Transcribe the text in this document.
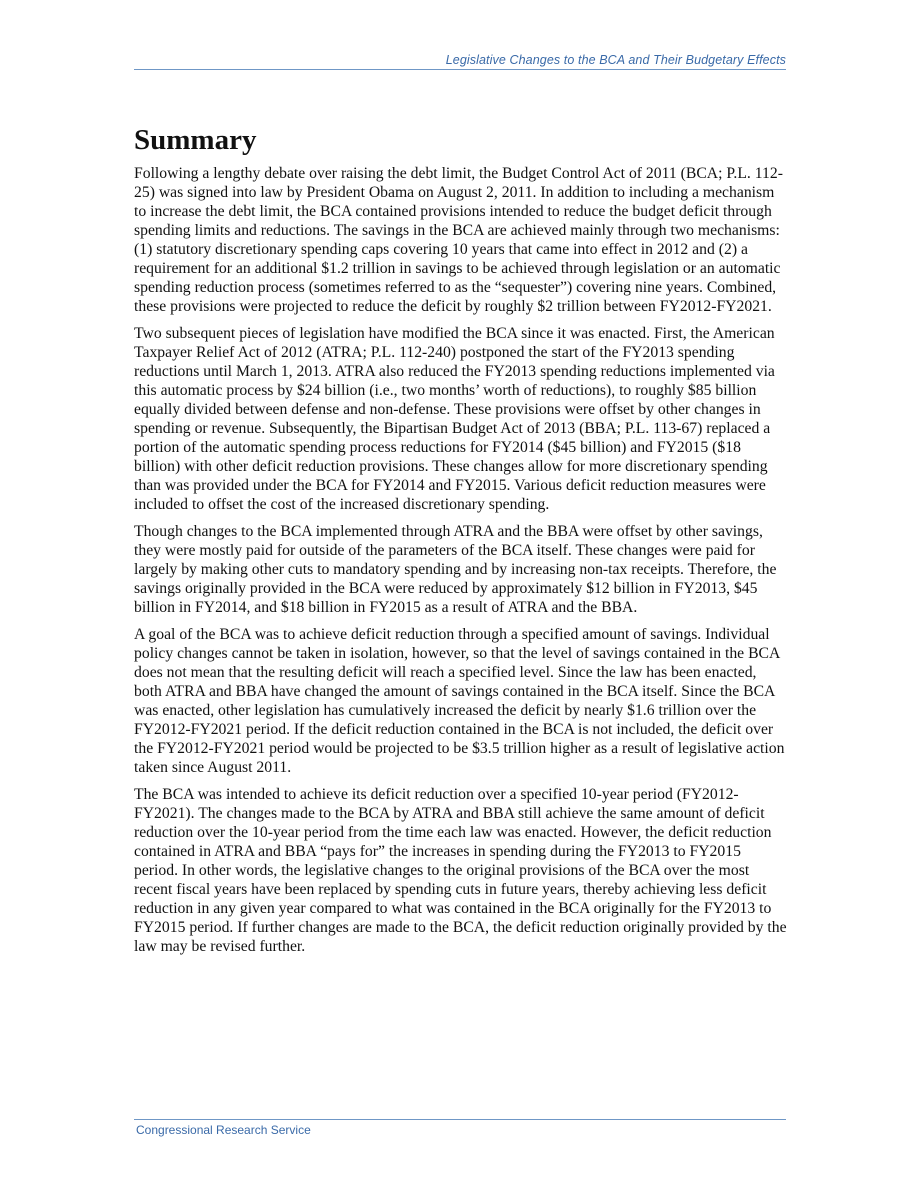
Legislative Changes to the BCA and Their Budgetary Effects
Summary

Following a lengthy debate over raising the debt limit, the Budget Control Act of 2011 (BCA; P.L. 112-25) was signed into law by President Obama on August 2, 2011. In addition to including a mechanism to increase the debt limit, the BCA contained provisions intended to reduce the budget deficit through spending limits and reductions. The savings in the BCA are achieved mainly through two mechanisms: (1) statutory discretionary spending caps covering 10 years that came into effect in 2012 and (2) a requirement for an additional $1.2 trillion in savings to be achieved through legislation or an automatic spending reduction process (sometimes referred to as the “sequester”) covering nine years. Combined, these provisions were projected to reduce the deficit by roughly $2 trillion between FY2012-FY2021.

Two subsequent pieces of legislation have modified the BCA since it was enacted. First, the American Taxpayer Relief Act of 2012 (ATRA; P.L. 112-240) postponed the start of the FY2013 spending reductions until March 1, 2013. ATRA also reduced the FY2013 spending reductions implemented via this automatic process by $24 billion (i.e., two months’ worth of reductions), to roughly $85 billion equally divided between defense and non-defense. These provisions were offset by other changes in spending or revenue. Subsequently, the Bipartisan Budget Act of 2013 (BBA; P.L. 113-67) replaced a portion of the automatic spending process reductions for FY2014 ($45 billion) and FY2015 ($18 billion) with other deficit reduction provisions. These changes allow for more discretionary spending than was provided under the BCA for FY2014 and FY2015. Various deficit reduction measures were included to offset the cost of the increased discretionary spending.

Though changes to the BCA implemented through ATRA and the BBA were offset by other savings, they were mostly paid for outside of the parameters of the BCA itself. These changes were paid for largely by making other cuts to mandatory spending and by increasing non-tax receipts. Therefore, the savings originally provided in the BCA were reduced by approximately $12 billion in FY2013, $45 billion in FY2014, and $18 billion in FY2015 as a result of ATRA and the BBA.

A goal of the BCA was to achieve deficit reduction through a specified amount of savings. Individual policy changes cannot be taken in isolation, however, so that the level of savings contained in the BCA does not mean that the resulting deficit will reach a specified level. Since the law has been enacted, both ATRA and BBA have changed the amount of savings contained in the BCA itself. Since the BCA was enacted, other legislation has cumulatively increased the deficit by nearly $1.6 trillion over the FY2012-FY2021 period. If the deficit reduction contained in the BCA is not included, the deficit over the FY2012-FY2021 period would be projected to be $3.5 trillion higher as a result of legislative action taken since August 2011.

The BCA was intended to achieve its deficit reduction over a specified 10-year period (FY2012-FY2021). The changes made to the BCA by ATRA and BBA still achieve the same amount of deficit reduction over the 10-year period from the time each law was enacted. However, the deficit reduction contained in ATRA and BBA “pays for” the increases in spending during the FY2013 to FY2015 period. In other words, the legislative changes to the original provisions of the BCA over the most recent fiscal years have been replaced by spending cuts in future years, thereby achieving less deficit reduction in any given year compared to what was contained in the BCA originally for the FY2013 to FY2015 period. If further changes are made to the BCA, the deficit reduction originally provided by the law may be revised further.

Congressional Research Service
